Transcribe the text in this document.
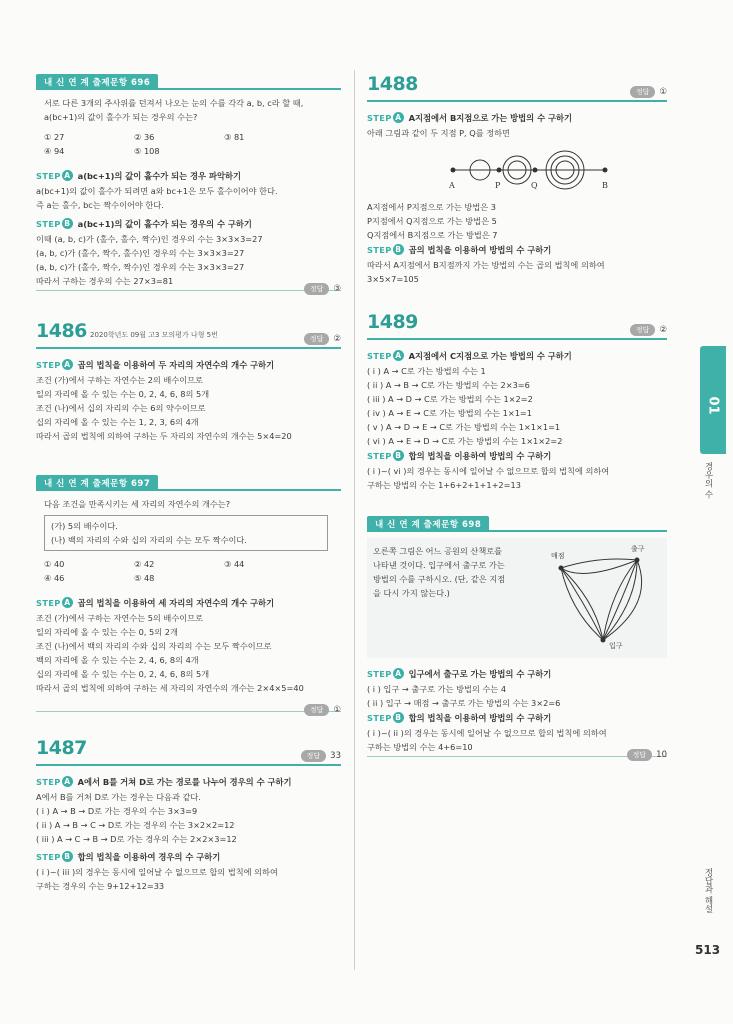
내 신 연 계 출제문항 696
서로 다른 3개의 주사위를 던져서 나오는 눈의 수를 각각 a, b, c라 할 때,
a(bc+1)의 값이 홀수가 되는 경우의 수는?
① 27	② 36	③ 81
④ 94	⑤ 108
STEP A a(bc+1)의 값이 홀수가 되는 경우 파악하기
a(bc+1)의 값이 홀수가 되려면 a와 bc+1은 모두 홀수이어야 한다.
즉 a는 홀수, bc는 짝수이어야 한다.
STEP B a(bc+1)의 값이 홀수가 되는 경우의 수 구하기
이때 (a, b, c)가 (홀수, 홀수, 짝수)인 경우의 수는 3×3×3=27
(a, b, c)가 (홀수, 짝수, 홀수)인 경우의 수는 3×3×3=27
(a, b, c)가 (홀수, 짝수, 짝수)인 경우의 수는 3×3×3=27
따라서 구하는 경우의 수는 27×3=81
정답 ③
1486 2020학년도 09월 고3 모의평가 나형 5번	정답 ②
STEP A 곱의 법칙을 이용하여 두 자리의 자연수의 개수 구하기
조건 (가)에서 구하는 자연수는 2의 배수이므로
일의 자리에 올 수 있는 수는 0, 2, 4, 6, 8의 5개
조건 (나)에서 십의 자리의 수는 6의 약수이므로
십의 자리에 올 수 있는 수는 1, 2, 3, 6의 4개
따라서 곱의 법칙에 의하여 구하는 두 자리의 자연수의 개수는 5×4=20
내 신 연 계 출제문항 697
다음 조건을 만족시키는 세 자리의 자연수의 개수는?
(가) 5의 배수이다.
(나) 백의 자리의 수와 십의 자리의 수는 모두 짝수이다.
① 40	② 42	③ 44
④ 46	⑤ 48
STEP A 곱의 법칙을 이용하여 세 자리의 자연수의 개수 구하기
조건 (가)에서 구하는 자연수는 5의 배수이므로
일의 자리에 올 수 있는 수는 0, 5의 2개
조건 (나)에서 백의 자리의 수와 십의 자리의 수는 모두 짝수이므로
백의 자리에 올 수 있는 수는 2, 4, 6, 8의 4개
십의 자리에 올 수 있는 수는 0, 2, 4, 6, 8의 5개
따라서 곱의 법칙에 의하여 구하는 세 자리의 자연수의 개수는 2×4×5=40
정답 ①
1487	정답 33
STEP A A에서 B를 거쳐 D로 가는 경로를 나누어 경우의 수 구하기
A에서 B를 거쳐 D로 가는 경우는 다음과 같다.
( i ) A → B → D로 가는 경우의 수는 3×3=9
( ii ) A → B → C → D로 가는 경우의 수는 3×2×2=12
( iii ) A → C → B → D로 가는 경우의 수는 2×2×3=12
STEP B 합의 법칙을 이용하여 경우의 수 구하기
( i )~( iii )의 경우는 동시에 일어날 수 없으므로 합의 법칙에 의하여
구하는 경우의 수는 9+12+12=33
1488	정답 ①
STEP A A지점에서 B지점으로 가는 방법의 수 구하기
아래 그림과 같이 두 지점 P, Q를 정하면
A	P	Q	B
A지점에서 P지점으로 가는 방법은 3
P지점에서 Q지점으로 가는 방법은 5
Q지점에서 B지점으로 가는 방법은 7
STEP B 곱의 법칙을 이용하여 방법의 수 구하기
따라서 A지점에서 B지점까지 가는 방법의 수는 곱의 법칙에 의하여
3×5×7=105
1489	정답 ②
STEP A A지점에서 C지점으로 가는 방법의 수 구하기
( i ) A → C로 가는 방법의 수는 1
( ii ) A → B → C로 가는 방법의 수는 2×3=6
( iii ) A → D → C로 가는 방법의 수는 1×2=2
( iv ) A → E → C로 가는 방법의 수는 1×1=1
( v ) A → D → E → C로 가는 방법의 수는 1×1×1=1
( vi ) A → E → D → C로 가는 방법의 수는 1×1×2=2
STEP B 합의 법칙을 이용하여 방법의 수 구하기
( i )~( vi )의 경우는 동시에 일어날 수 없으므로 합의 법칙에 의하여
구하는 방법의 수는 1+6+2+1+1+2=13
내 신 연 계 출제문항 698
오른쪽 그림은 어느 공원의 산책로를
나타낸 것이다. 입구에서 출구로 가는
방법의 수를 구하시오. (단, 같은 지점
을 다시 가지 않는다.)
매점
출구
입구
STEP A 입구에서 출구로 가는 방법의 수 구하기
( i ) 입구 → 출구로 가는 방법의 수는 4
( ii ) 입구 → 매점 → 출구로 가는 방법의 수는 3×2=6
STEP B 합의 법칙을 이용하여 방법의 수 구하기
( i )~( ii )의 경우는 동시에 일어날 수 없으므로 합의 법칙에 의하여
구하는 방법의 수는 4+6=10
정답 10
01
경우의 수
정답과 해설
513
